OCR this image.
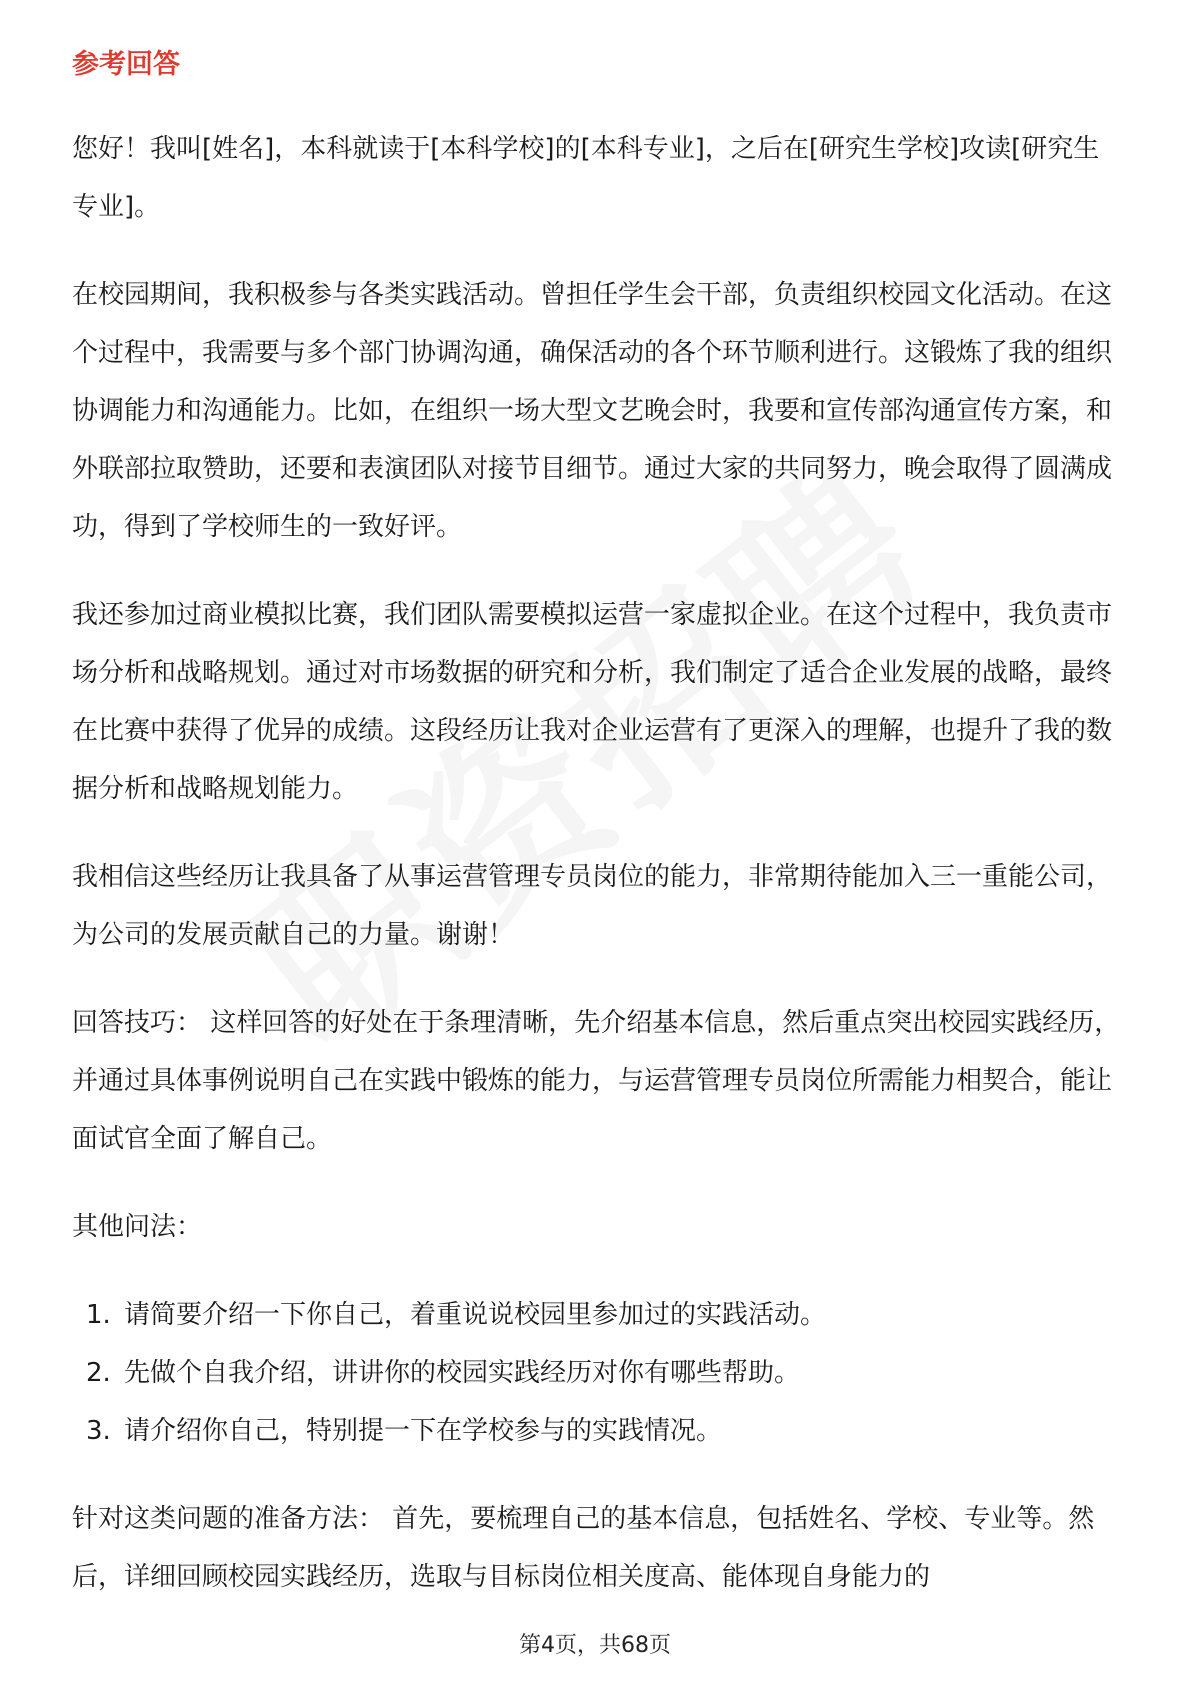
参考回答

您好！我叫[姓名]，本科就读于[本科学校]的[本科专业]，之后在[研究生学校]攻读[研究生专业]。

在校园期间，我积极参与各类实践活动。曾担任学生会干部，负责组织校园文化活动。在这个过程中，我需要与多个部门协调沟通，确保活动的各个环节顺利进行。这锻炼了我的组织协调能力和沟通能力。比如，在组织一场大型文艺晚会时，我要和宣传部沟通宣传方案，和外联部拉取赞助，还要和表演团队对接节目细节。通过大家的共同努力，晚会取得了圆满成功，得到了学校师生的一致好评。

我还参加过商业模拟比赛，我们团队需要模拟运营一家虚拟企业。在这个过程中，我负责市场分析和战略规划。通过对市场数据的研究和分析，我们制定了适合企业发展的战略，最终在比赛中获得了优异的成绩。这段经历让我对企业运营有了更深入的理解，也提升了我的数据分析和战略规划能力。

我相信这些经历让我具备了从事运营管理专员岗位的能力，非常期待能加入三一重能公司，为公司的发展贡献自己的力量。谢谢！

回答技巧： 这样回答的好处在于条理清晰，先介绍基本信息，然后重点突出校园实践经历，并通过具体事例说明自己在实践中锻炼的能力，与运营管理专员岗位所需能力相契合，能让面试官全面了解自己。

其他问法：

1. 请简要介绍一下你自己，着重说说校园里参加过的实践活动。
2. 先做个自我介绍，讲讲你的校园实践经历对你有哪些帮助。
3. 请介绍你自己，特别提一下在学校参与的实践情况。

针对这类问题的准备方法： 首先，要梳理自己的基本信息，包括姓名、学校、专业等。然后，详细回顾校园实践经历，选取与目标岗位相关度高、能体现自身能力的

第4页，共68页
